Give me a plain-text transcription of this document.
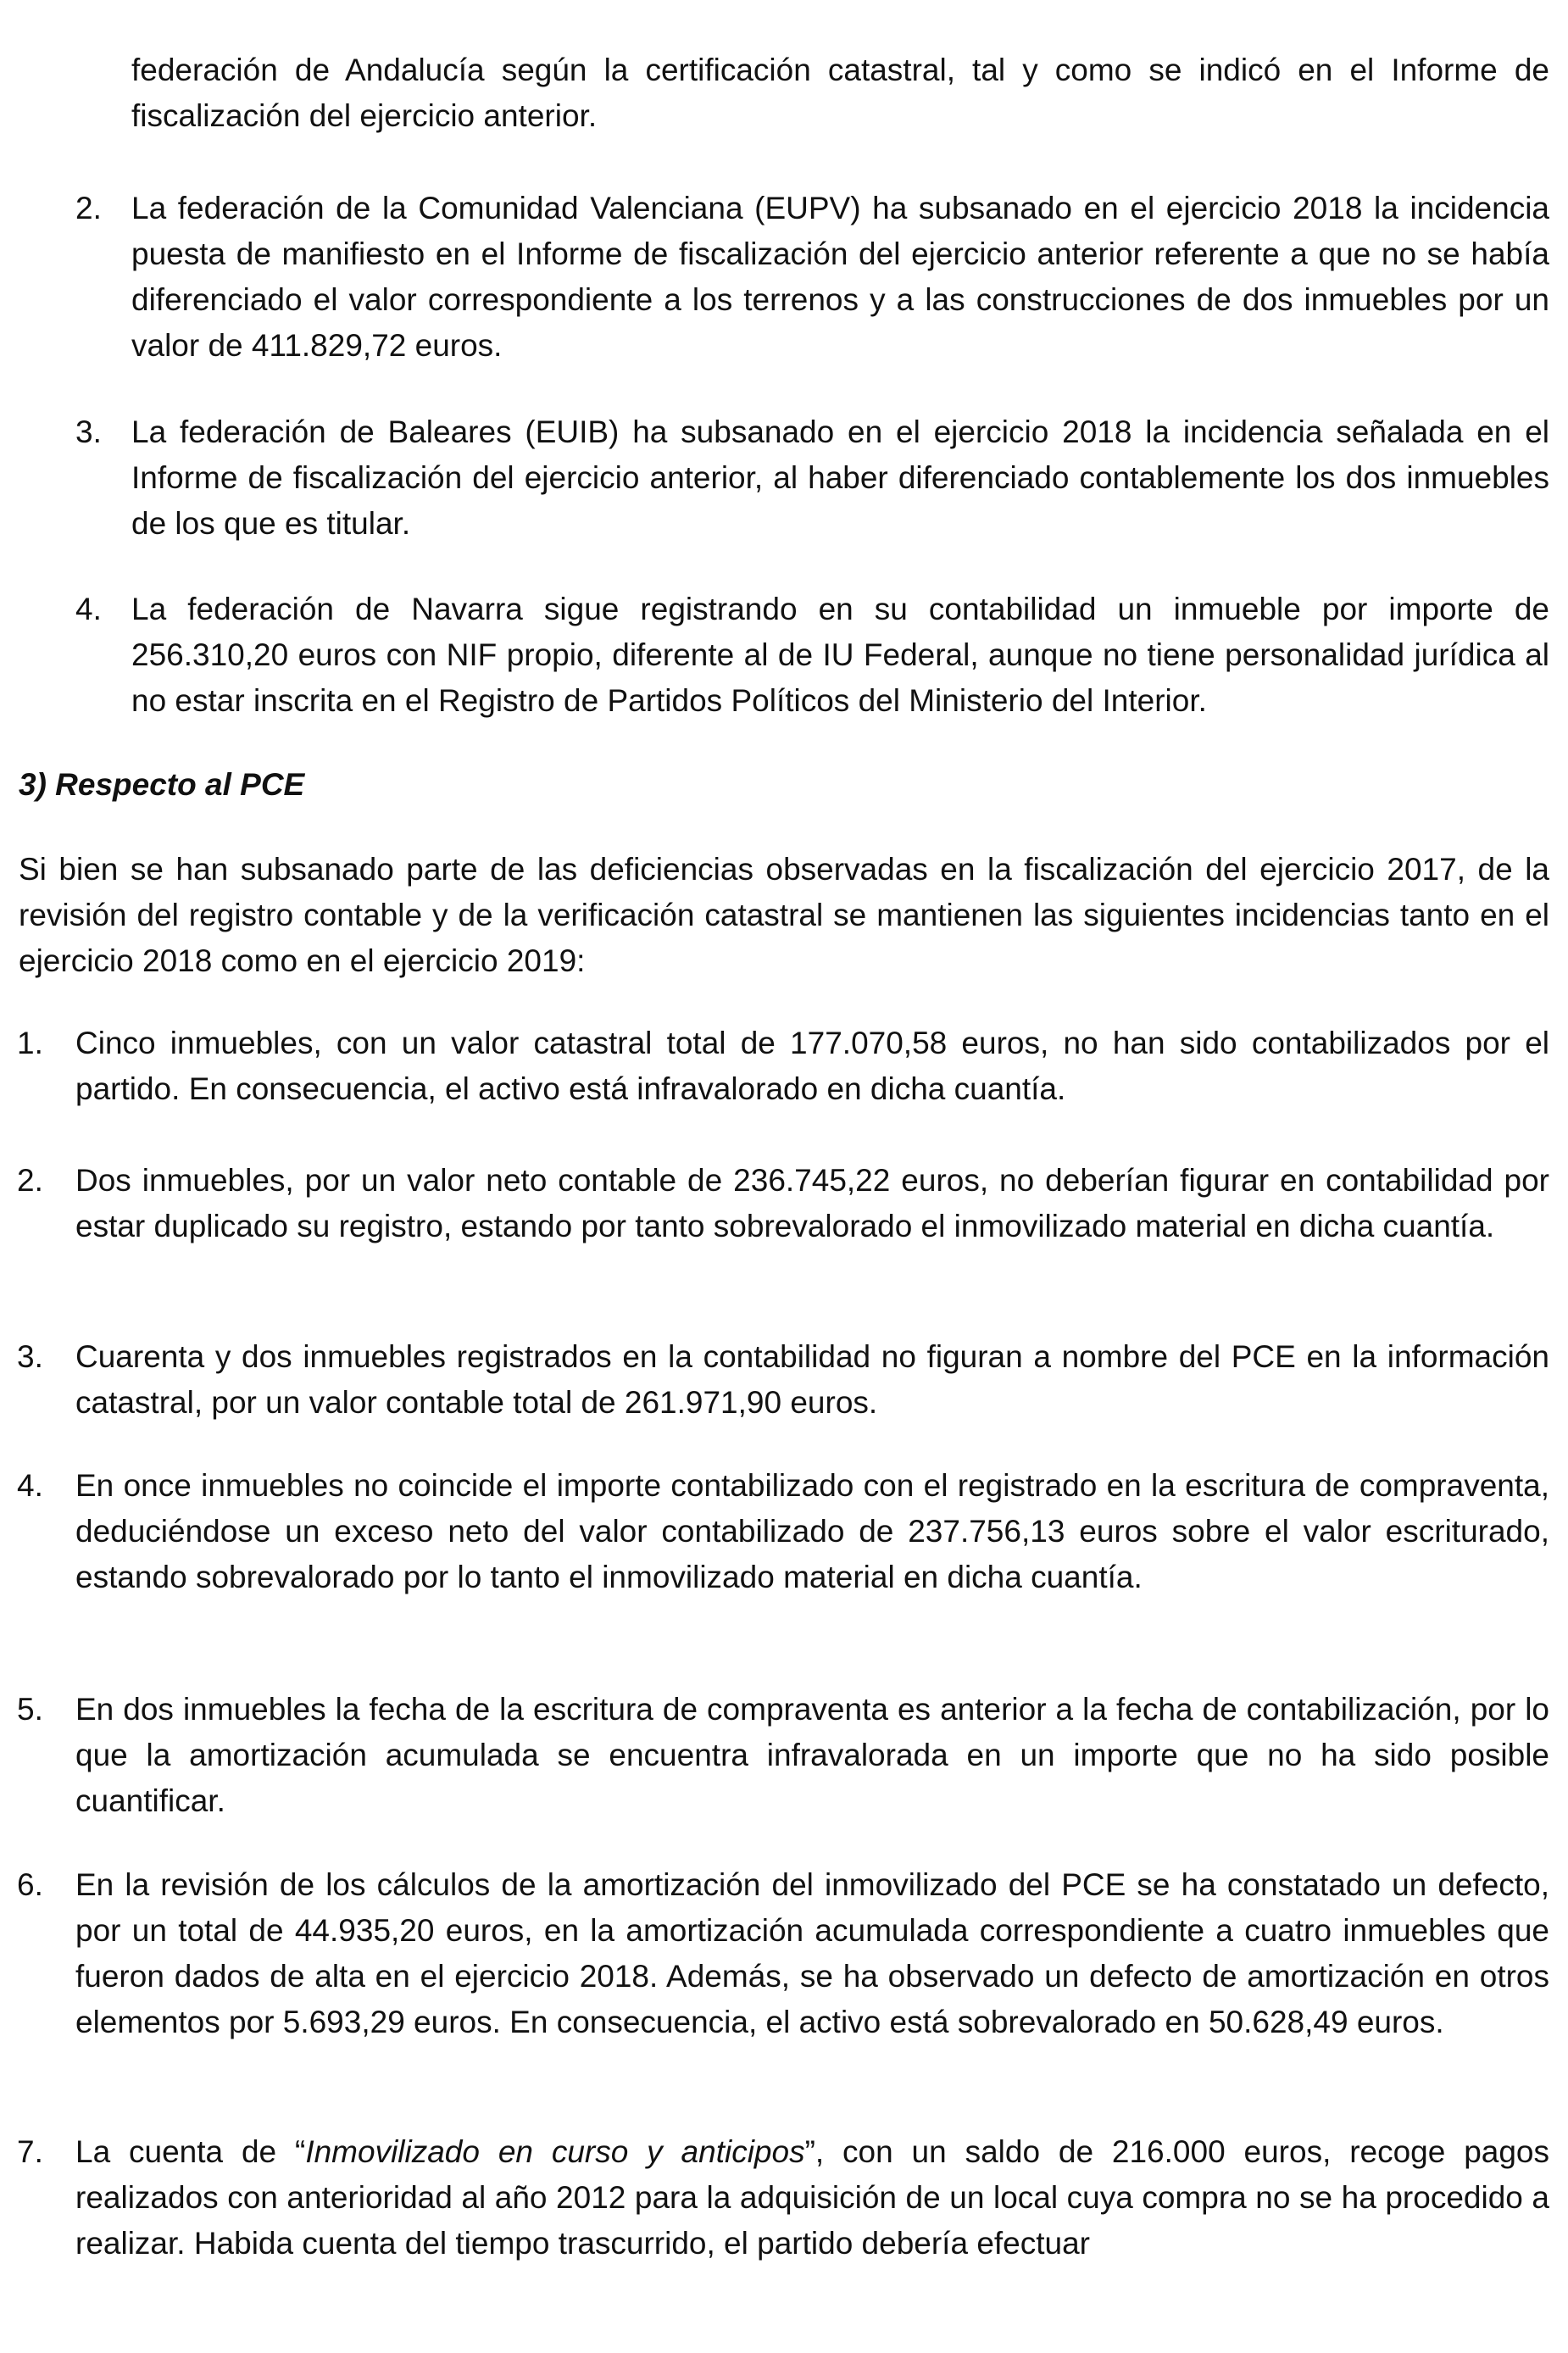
federación de Andalucía según la certificación catastral, tal y como se indicó en el Informe de fiscalización del ejercicio anterior.
2. La federación de la Comunidad Valenciana (EUPV) ha subsanado en el ejercicio 2018 la incidencia puesta de manifiesto en el Informe de fiscalización del ejercicio anterior referente a que no se había diferenciado el valor correspondiente a los terrenos y a las construcciones de dos inmuebles por un valor de 411.829,72 euros.
3. La federación de Baleares (EUIB) ha subsanado en el ejercicio 2018 la incidencia señalada en el Informe de fiscalización del ejercicio anterior, al haber diferenciado contablemente los dos inmuebles de los que es titular.
4. La federación de Navarra sigue registrando en su contabilidad un inmueble por importe de 256.310,20 euros con NIF propio, diferente al de IU Federal, aunque no tiene personalidad jurídica al no estar inscrita en el Registro de Partidos Políticos del Ministerio del Interior.
3) Respecto al PCE
Si bien se han subsanado parte de las deficiencias observadas en la fiscalización del ejercicio 2017, de la revisión del registro contable y de la verificación catastral se mantienen las siguientes incidencias tanto en el ejercicio 2018 como en el ejercicio 2019:
1. Cinco inmuebles, con un valor catastral total de 177.070,58 euros, no han sido contabilizados por el partido. En consecuencia, el activo está infravalorado en dicha cuantía.
2. Dos inmuebles, por un valor neto contable de 236.745,22 euros, no deberían figurar en contabilidad por estar duplicado su registro, estando por tanto sobrevalorado el inmovilizado material en dicha cuantía.
3. Cuarenta y dos inmuebles registrados en la contabilidad no figuran a nombre del PCE en la información catastral, por un valor contable total de 261.971,90 euros.
4. En once inmuebles no coincide el importe contabilizado con el registrado en la escritura de compraventa, deduciéndose un exceso neto del valor contabilizado de 237.756,13 euros sobre el valor escriturado, estando sobrevalorado por lo tanto el inmovilizado material en dicha cuantía.
5. En dos inmuebles la fecha de la escritura de compraventa es anterior a la fecha de contabilización, por lo que la amortización acumulada se encuentra infravalorada en un importe que no ha sido posible cuantificar.
6. En la revisión de los cálculos de la amortización del inmovilizado del PCE se ha constatado un defecto, por un total de 44.935,20 euros, en la amortización acumulada correspondiente a cuatro inmuebles que fueron dados de alta en el ejercicio 2018. Además, se ha observado un defecto de amortización en otros elementos por 5.693,29 euros. En consecuencia, el activo está sobrevalorado en 50.628,49 euros.
7. La cuenta de “Inmovilizado en curso y anticipos”, con un saldo de 216.000 euros, recoge pagos realizados con anterioridad al año 2012 para la adquisición de un local cuya compra no se ha procedido a realizar. Habida cuenta del tiempo trascurrido, el partido debería efectuar
